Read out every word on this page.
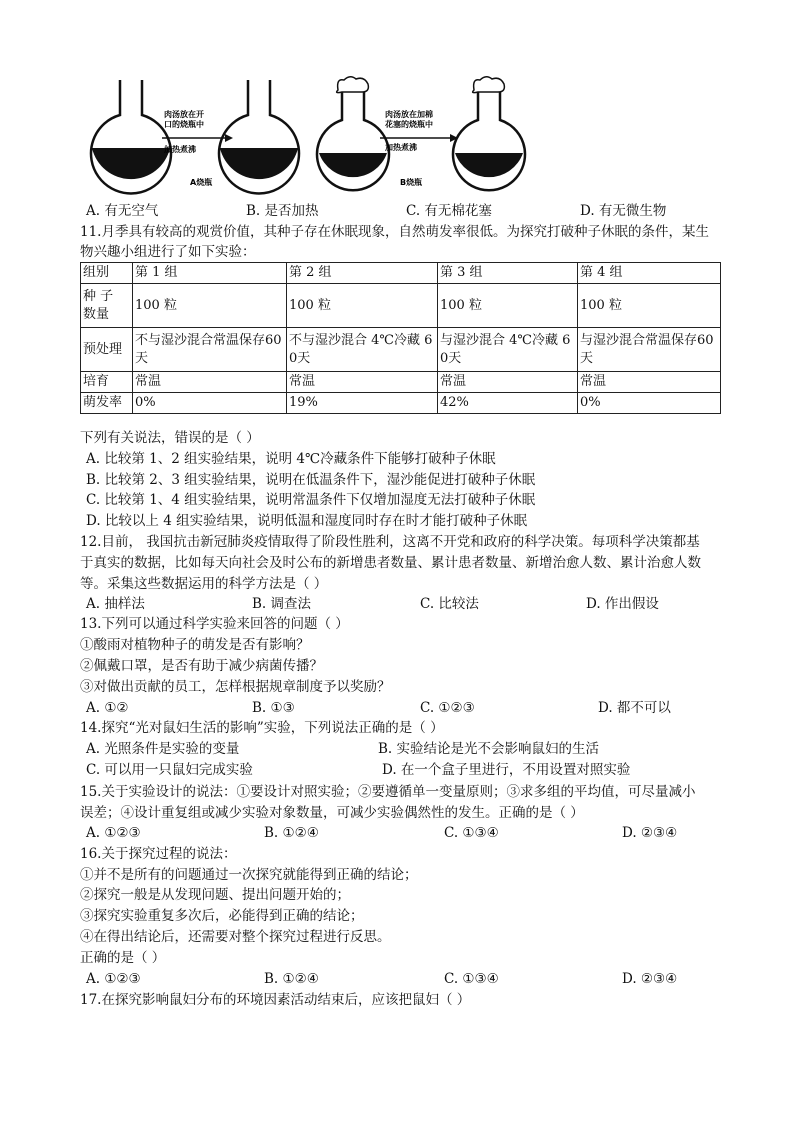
肉汤放在开
口的烧瓶中
加热煮沸
A烧瓶
肉汤放在加棉
花塞的烧瓶中
加热煮沸
B烧瓶
A. 有无空气	B. 是否加热	C. 有无棉花塞	D. 有无微生物
11.月季具有较高的观赏价值，其种子存在休眠现象，自然萌发率很低。为探究打破种子休眠的条件，某生
物兴趣小组进行了如下实验：
组别	第 1 组	第 2 组	第 3 组	第 4 组
种 子 数量	100 粒	100 粒	100 粒	100 粒
预处理	不与湿沙混合常温保存60 天	不与湿沙混合 4℃冷藏 60天	与湿沙混合 4℃冷藏 60天	与湿沙混合常温保存60 天
培育	常温	常温	常温	常温
萌发率	0%	19%	42%	0%
下列有关说法，错误的是（ ）
A. 比较第 1、2 组实验结果，说明 4℃冷藏条件下能够打破种子休眠
B. 比较第 2、3 组实验结果，说明在低温条件下，湿沙能促进打破种子休眠
C. 比较第 1、4 组实验结果，说明常温条件下仅增加湿度无法打破种子休眠
D. 比较以上 4 组实验结果，说明低温和湿度同时存在时才能打破种子休眠
12.目前， 我国抗击新冠肺炎疫情取得了阶段性胜利，这离不开党和政府的科学决策。每项科学决策都基
于真实的数据，比如每天向社会及时公布的新增患者数量、累计患者数量、新增治愈人数、累计治愈人数
等。采集这些数据运用的科学方法是（ ）
A. 抽样法	B. 调查法	C. 比较法	D. 作出假设
13.下列可以通过科学实验来回答的问题（ ）
①酸雨对植物种子的萌发是否有影响？
②佩戴口罩，是否有助于减少病菌传播？
③对做出贡献的员工，怎样根据规章制度予以奖励？
A. ①②	B. ①③	C. ①②③	D. 都不可以
14.探究“光对鼠妇生活的影响”实验，下列说法正确的是（ ）
A. 光照条件是实验的变量	B. 实验结论是光不会影响鼠妇的生活
C. 可以用一只鼠妇完成实验	D. 在一个盒子里进行，不用设置对照实验
15.关于实验设计的说法：①要设计对照实验；②要遵循单一变量原则；③求多组的平均值，可尽量减小
误差；④设计重复组或减少实验对象数量，可减少实验偶然性的发生。正确的是（ ）
A. ①②③	B. ①②④	C. ①③④	D. ②③④
16.关于探究过程的说法：
①并不是所有的问题通过一次探究就能得到正确的结论；
②探究一般是从发现问题、提出问题开始的；
③探究实验重复多次后，必能得到正确的结论；
④在得出结论后，还需要对整个探究过程进行反思。
正确的是（ ）
A. ①②③	B. ①②④	C. ①③④	D. ②③④
17.在探究影响鼠妇分布的环境因素活动结束后，应该把鼠妇（ ）
